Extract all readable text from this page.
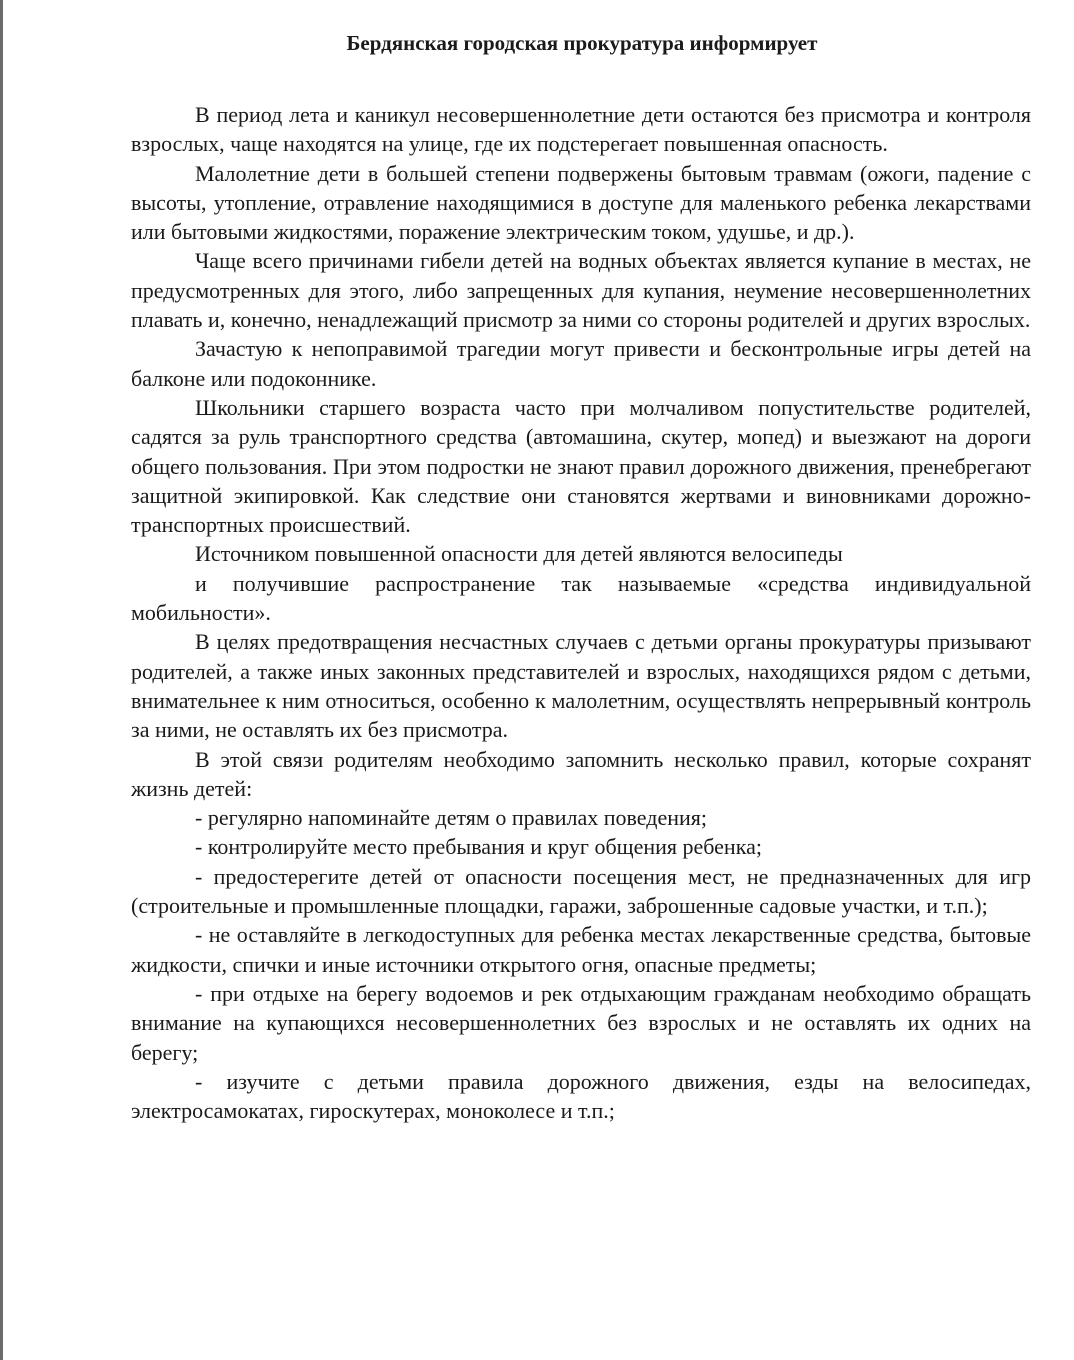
Бердянская городская прокуратура информирует

В период лета и каникул несовершеннолетние дети остаются без присмотра и контроля взрослых, чаще находятся на улице, где их подстерегает повышенная опасность.

Малолетние дети в большей степени подвержены бытовым травмам (ожоги, падение с высоты, утопление, отравление находящимися в доступе для маленького ребенка лекарствами или бытовыми жидкостями, поражение электрическим током, удушье, и др.).

Чаще всего причинами гибели детей на водных объектах является купание в местах, не предусмотренных для этого, либо запрещенных для купания, неумение несовершеннолетних плавать и, конечно, ненадлежащий присмотр за ними со стороны родителей и других взрослых.

Зачастую к непоправимой трагедии могут привести и бесконтрольные игры детей на балконе или подоконнике.

Школьники старшего возраста часто при молчаливом попустительстве родителей, садятся за руль транспортного средства (автомашина, скутер, мопед) и выезжают на дороги общего пользования. При этом подростки не знают правил дорожного движения, пренебрегают защитной экипировкой. Как следствие они становятся жертвами и виновниками дорожно-транспортных происшествий.

Источником повышенной опасности для детей являются велосипеды

и получившие распространение так называемые «средства индивидуальной мобильности».

В целях предотвращения несчастных случаев с детьми органы прокуратуры призывают родителей, а также иных законных представителей и взрослых, находящихся рядом с детьми, внимательнее к ним относиться, особенно к малолетним, осуществлять непрерывный контроль за ними, не оставлять их без присмотра.

В этой связи родителям необходимо запомнить несколько правил, которые сохранят жизнь детей:

- регулярно напоминайте детям о правилах поведения;

- контролируйте место пребывания и круг общения ребенка;

- предостерегите детей от опасности посещения мест, не предназначенных для игр (строительные и промышленные площадки, гаражи, заброшенные садовые участки, и т.п.);

- не оставляйте в легкодоступных для ребенка местах лекарственные средства, бытовые жидкости, спички и иные источники открытого огня, опасные предметы;

- при отдыхе на берегу водоемов и рек отдыхающим гражданам необходимо обращать внимание на купающихся несовершеннолетних без взрослых и не оставлять их одних на берегу;

- изучите с детьми правила дорожного движения, езды на велосипедах, электросамокатах, гироскутерах, моноколесе и т.п.;
